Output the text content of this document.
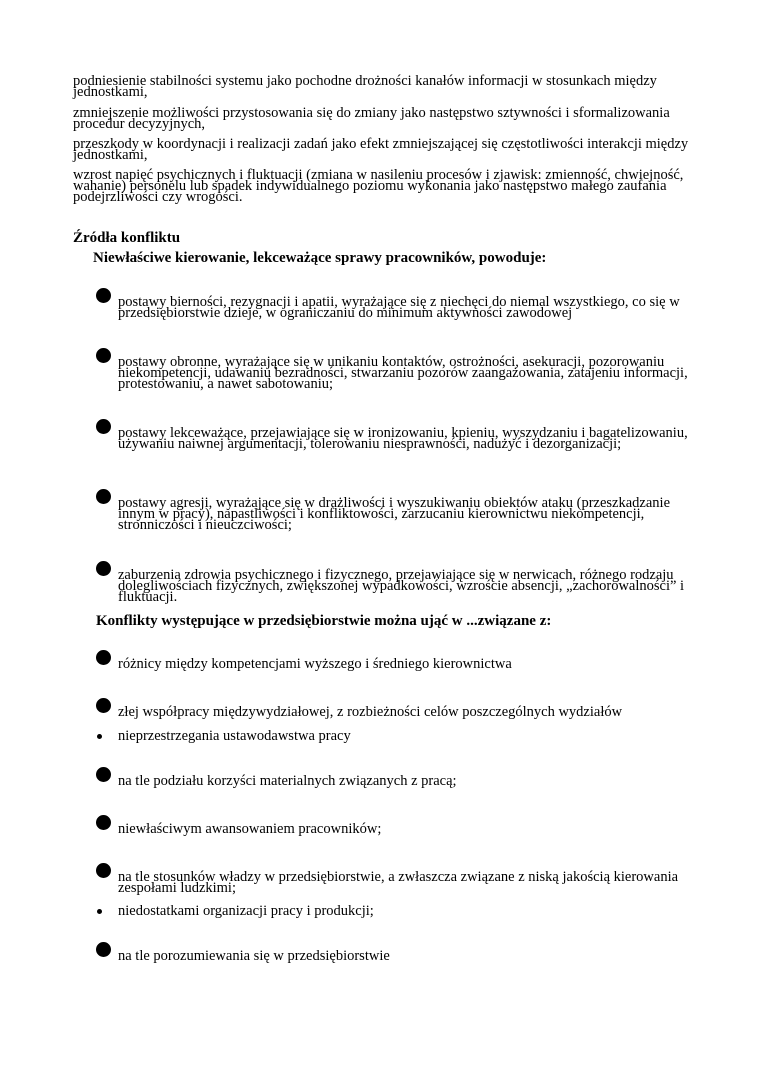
podniesienie stabilności systemu jako pochodne drożności kanałów informacji w stosunkach między jednostkami,
zmniejszenie możliwości przystosowania się do zmiany jako następstwo sztywności i sformalizowania procedur decyzyjnych,
przeszkody w koordynacji i realizacji zadań jako efekt zmniejszającej się częstotliwości interakcji między jednostkami,
wzrost napięć psychicznych i fluktuacji (zmiana w nasileniu procesów i zjawisk: zmienność, chwiejność, wahanie) personelu lub spadek indywidualnego poziomu wykonania jako następstwo małego zaufania podejrzliwości czy wrogości.
Źródła konfliktu
Niewłaściwe kierowanie, lekceważące sprawy pracowników, powoduje:
postawy bierności, rezygnacji i apatii, wyrażające się z niechęci do niemal wszystkiego, co się w przedsiębiorstwie dzieje, w ograniczaniu do minimum aktywności zawodowej
postawy obronne, wyrażające się w unikaniu kontaktów, ostrożności, asekuracji, pozorowaniu niekompetencji, udawaniu bezradności, stwarzaniu pozorów zaangażowania, zatajeniu informacji, protestowaniu, a nawet sabotowaniu;
postawy lekceważące, przejawiające się w ironizowaniu, kpieniu, wyszydzaniu i bagatelizowaniu, używaniu naiwnej argumentacji, tolerowaniu niesprawności, nadużyć i dezorganizacji;
postawy agresji, wyrażające się w drażliwości i wyszukiwaniu obiektów ataku (przeszkadzanie innym w pracy), napastliwości i konfliktowości, zarzucaniu kierownictwu niekompetencji, stronniczości i nieuczciwości;
zaburzenia zdrowia psychicznego i fizycznego, przejawiające się w nerwicach, różnego rodzaju dolegliwościach fizycznych, zwiększonej wypadkowości, wzroście absencji, „zachorowalności” i fluktuacji.
Konflikty występujące w przedsiębiorstwie można ująć w ...związane z:
różnicy między kompetencjami wyższego i średniego kierownictwa
złej współpracy międzywydziałowej, z rozbieżności celów poszczególnych wydziałów
nieprzestrzegania ustawodawstwa pracy
na tle podziału korzyści materialnych związanych z pracą;
niewłaściwym awansowaniem pracowników;
na tle stosunków władzy w przedsiębiorstwie, a zwłaszcza związane z niską jakością kierowania zespołami ludzkimi;
niedostatkami organizacji pracy i produkcji;
na tle porozumiewania się w przedsiębiorstwie
